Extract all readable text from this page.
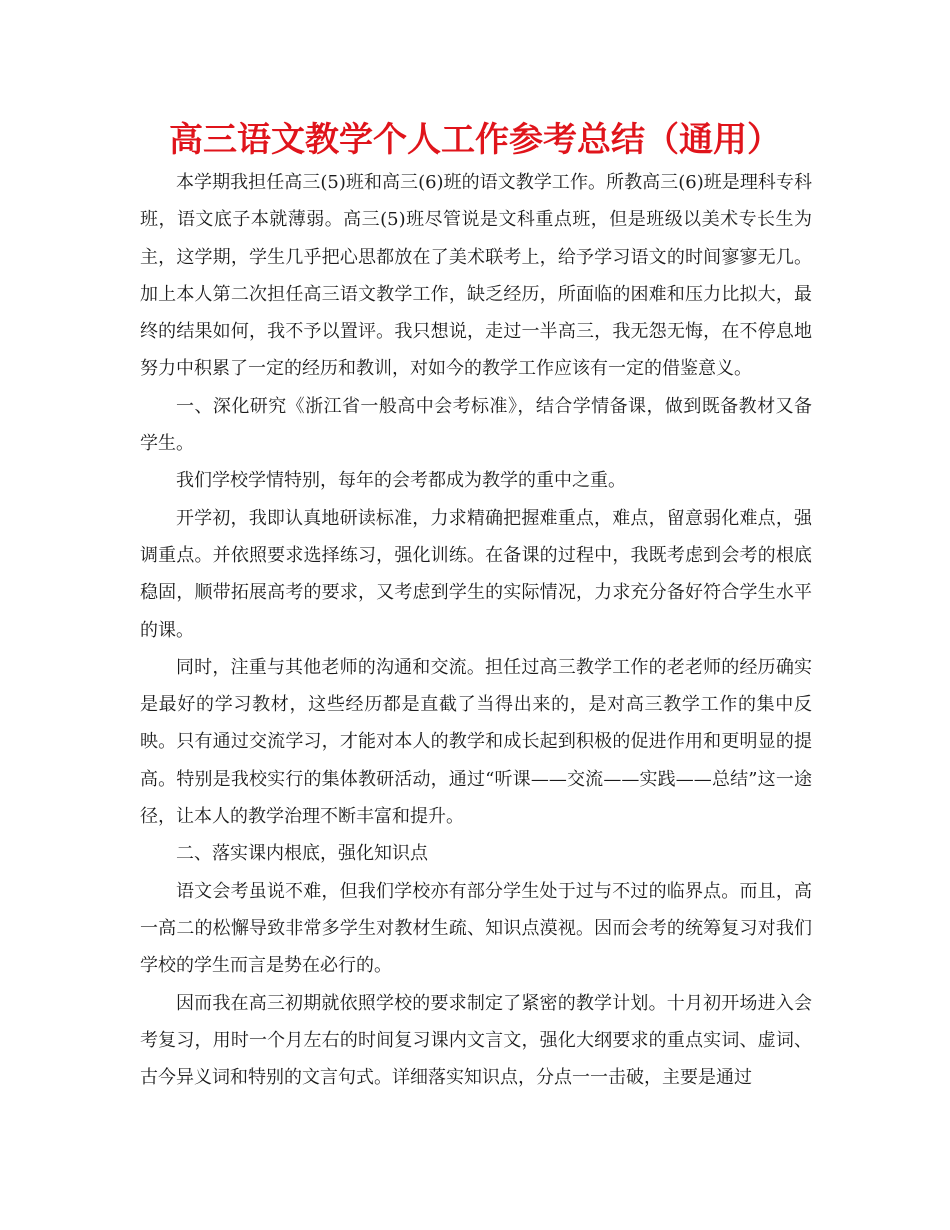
高三语文教学个人工作参考总结（通用）

本学期我担任高三(5)班和高三(6)班的语文教学工作。所教高三(6)班是理科专科班，语文底子本就薄弱。高三(5)班尽管说是文科重点班，但是班级以美术专长生为主，这学期，学生几乎把心思都放在了美术联考上，给予学习语文的时间寥寥无几。加上本人第二次担任高三语文教学工作，缺乏经历，所面临的困难和压力比拟大，最终的结果如何，我不予以置评。我只想说，走过一半高三，我无怨无悔，在不停息地努力中积累了一定的经历和教训，对如今的教学工作应该有一定的借鉴意义。

一、深化研究《浙江省一般高中会考标准》，结合学情备课，做到既备教材又备学生。

我们学校学情特别，每年的会考都成为教学的重中之重。

开学初，我即认真地研读标准，力求精确把握难重点，难点，留意弱化难点，强调重点。并依照要求选择练习，强化训练。在备课的过程中，我既考虑到会考的根底稳固，顺带拓展高考的要求，又考虑到学生的实际情况，力求充分备好符合学生水平的课。

同时，注重与其他老师的沟通和交流。担任过高三教学工作的老老师的经历确实是最好的学习教材，这些经历都是直截了当得出来的，是对高三教学工作的集中反映。只有通过交流学习，才能对本人的教学和成长起到积极的促进作用和更明显的提高。特别是我校实行的集体教研活动，通过“听课——交流——实践——总结”这一途径，让本人的教学治理不断丰富和提升。

二、落实课内根底，强化知识点

语文会考虽说不难，但我们学校亦有部分学生处于过与不过的临界点。而且，高一高二的松懈导致非常多学生对教材生疏、知识点漠视。因而会考的统筹复习对我们学校的学生而言是势在必行的。

因而我在高三初期就依照学校的要求制定了紧密的教学计划。十月初开场进入会考复习，用时一个月左右的时间复习课内文言文，强化大纲要求的重点实词、虚词、古今异义词和特别的文言句式。详细落实知识点，分点一一击破，主要是通过
